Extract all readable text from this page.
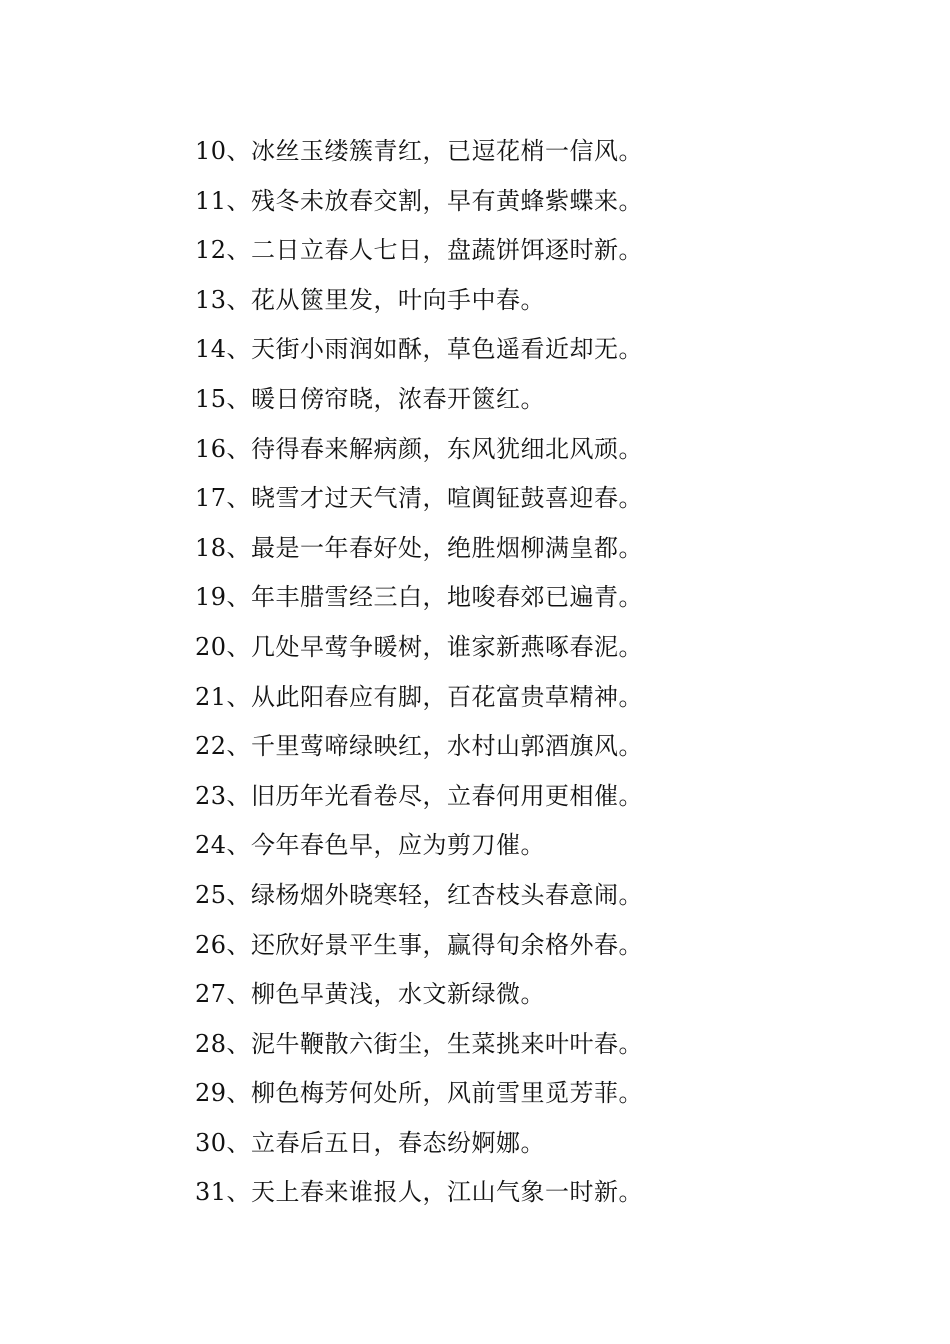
10、冰丝玉缕簇青红，已逗花梢一信风。
11、残冬未放春交割，早有黄蜂紫蝶来。
12、二日立春人七日，盘蔬饼饵逐时新。
13、花从篋里发，叶向手中春。
14、天街小雨润如酥，草色遥看近却无。
15、暖日傍帘晓，浓春开篋红。
16、待得春来解病颜，东风犹细北风顽。
17、晓雪才过天气清，喧阗钲鼓喜迎春。
18、最是一年春好处，绝胜烟柳满皇都。
19、年丰腊雪经三白，地唆春郊已遍青。
20、几处早莺争暖树，谁家新燕啄春泥。
21、从此阳春应有脚，百花富贵草精神。
22、千里莺啼绿映红，水村山郭酒旗风。
23、旧历年光看卷尽，立春何用更相催。
24、今年春色早，应为剪刀催。
25、绿杨烟外晓寒轻，红杏枝头春意闹。
26、还欣好景平生事，赢得旬余格外春。
27、柳色早黄浅，水文新绿微。
28、泥牛鞭散六街尘，生菜挑来叶叶春。
29、柳色梅芳何处所，风前雪里觅芳菲。
30、立春后五日，春态纷婀娜。
31、天上春来谁报人，江山气象一时新。
